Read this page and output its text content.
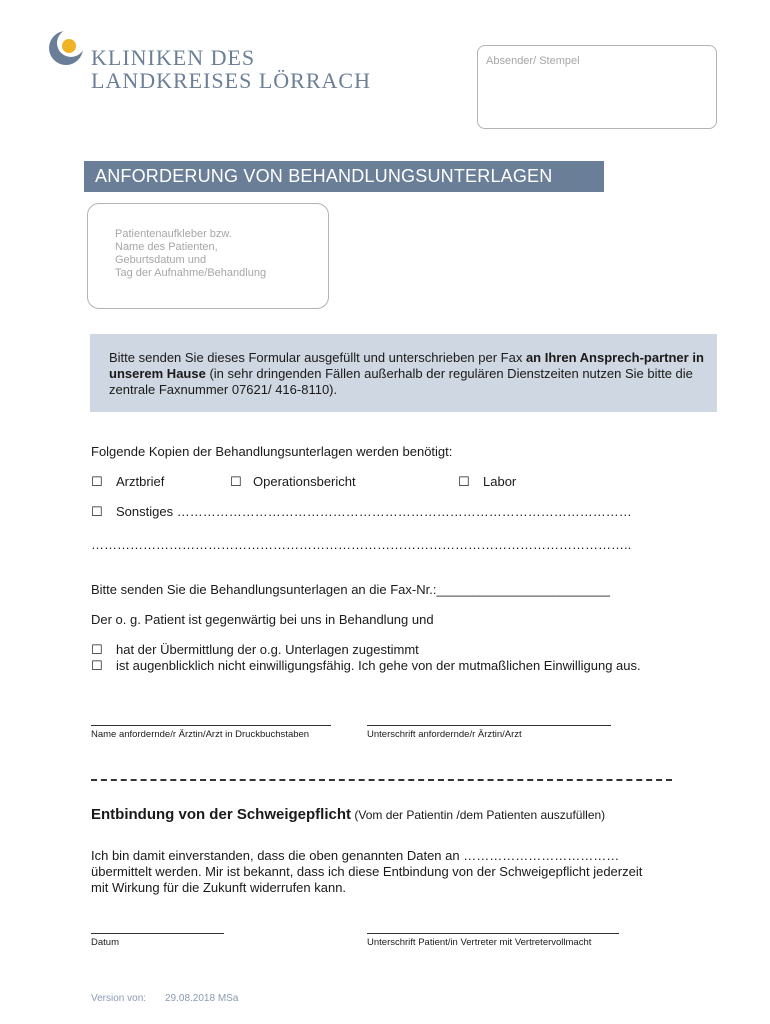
KLINIKEN DES
LANDKREISES LÖRRACH
Absender/ Stempel
ANFORDERUNG VON BEHANDLUNGSUNTERLAGEN
Patientenaufkleber bzw.
Name des Patienten,
Geburtsdatum und
Tag der Aufnahme/Behandlung
Bitte senden Sie dieses Formular ausgefüllt und unterschrieben per Fax an Ihren Ansprech-partner in unserem Hause (in sehr dringenden Fällen außerhalb der regulären Dienstzeiten nutzen Sie bitte die zentrale Faxnummer 07621/ 416-8110).
Folgende Kopien der Behandlungsunterlagen werden benötigt:
☐ Arztbrief	☐ Operationsbericht	☐ Labor
☐ Sonstiges ……………………………………………………………………………………………
……………………………………………………………………………………………………………..
Bitte senden Sie die Behandlungsunterlagen an die Fax-Nr.:________________________
Der o. g. Patient ist gegenwärtig bei uns in Behandlung und
☐ hat der Übermittlung der o.g. Unterlagen zugestimmt
☐ ist augenblicklich nicht einwilligungsfähig. Ich gehe von der mutmaßlichen Einwilligung aus.
Name anfordernde/r Ärztin/Arzt in Druckbuchstaben	Unterschrift anfordernde/r Ärztin/Arzt
Entbindung von der Schweigepflicht (Vom der Patientin /dem Patienten auszufüllen)
Ich bin damit einverstanden, dass die oben genannten Daten an ………………………………
übermittelt werden. Mir ist bekannt, dass ich diese Entbindung von der Schweigepflicht jederzeit
mit Wirkung für die Zukunft widerrufen kann.
Datum	Unterschrift Patient/in Vertreter mit Vertretervollmacht
Version von: 29.08.2018 MSa
